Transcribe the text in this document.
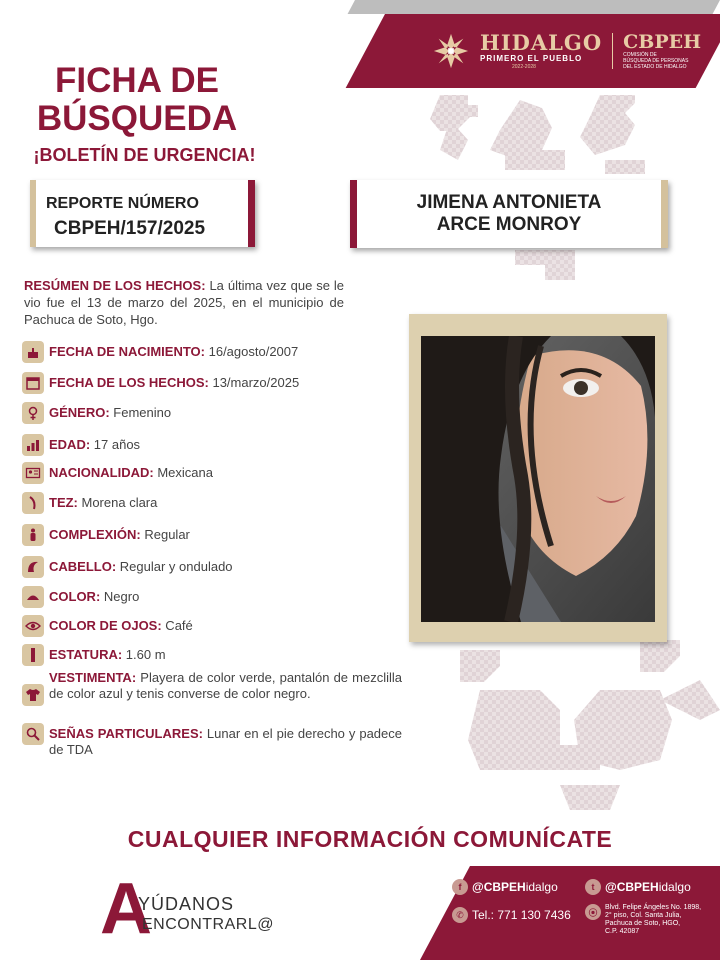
HIDALGO
PRIMERO EL PUEBLO
2022-2028
CBPEH
COMISIÓN DE
BÚSQUEDA DE PERSONAS
DEL ESTADO DE HIDALGO
FICHA DE
BÚSQUEDA
¡BOLETÍN DE URGENCIA!
REPORTE NÚMERO
CBPEH/157/2025
JIMENA ANTONIETA
ARCE MONROY
RESÚMEN DE LOS HECHOS: La última vez que se le vio fue el 13 de marzo del 2025, en el municipio de Pachuca de Soto, Hgo.
FECHA DE NACIMIENTO: 16/agosto/2007
FECHA DE LOS HECHOS: 13/marzo/2025
GÉNERO: Femenino
EDAD: 17 años
NACIONALIDAD: Mexicana
TEZ: Morena clara
COMPLEXIÓN: Regular
CABELLO: Regular y ondulado
COLOR: Negro
COLOR DE OJOS: Café
ESTATURA: 1.60 m
VESTIMENTA: Playera de color verde, pantalón de mezclilla de color azul y tenis converse de color negro.
SEÑAS PARTICULARES: Lunar en el pie derecho y padece de TDA
CUALQUIER INFORMACIÓN COMUNÍCATE
A
YÚDANOS
ENCONTRARL@
f @CBPEHidalgo	t @CBPEHidalgo
✆ Tel.: 771 130 7436	⦿	Blvd. Felipe Ángeles No. 1898,
2° piso, Col. Santa Julia,
Pachuca de Soto, HGO,
C.P. 42087
